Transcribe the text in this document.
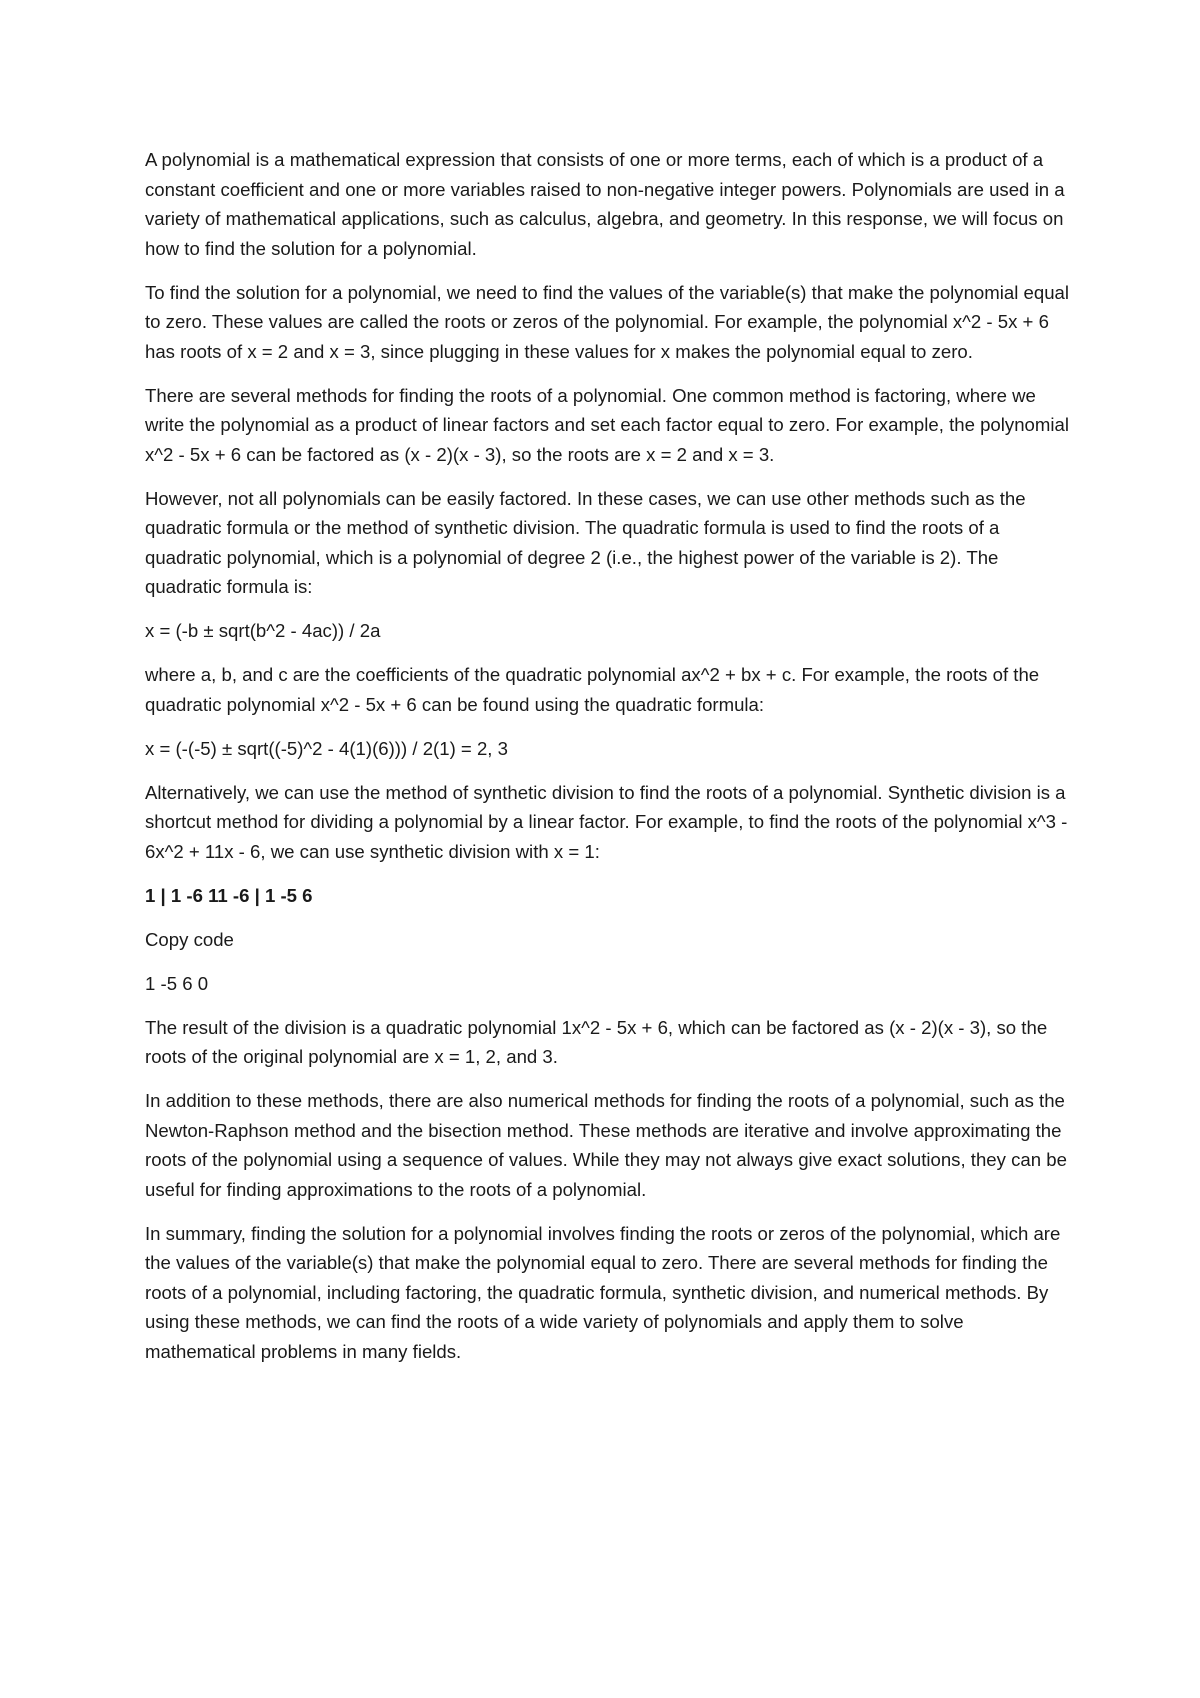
A polynomial is a mathematical expression that consists of one or more terms, each of which is a product of a constant coefficient and one or more variables raised to non-negative integer powers. Polynomials are used in a variety of mathematical applications, such as calculus, algebra, and geometry. In this response, we will focus on how to find the solution for a polynomial.

To find the solution for a polynomial, we need to find the values of the variable(s) that make the polynomial equal to zero. These values are called the roots or zeros of the polynomial. For example, the polynomial x^2 - 5x + 6 has roots of x = 2 and x = 3, since plugging in these values for x makes the polynomial equal to zero.

There are several methods for finding the roots of a polynomial. One common method is factoring, where we write the polynomial as a product of linear factors and set each factor equal to zero. For example, the polynomial x^2 - 5x + 6 can be factored as (x - 2)(x - 3), so the roots are x = 2 and x = 3.

However, not all polynomials can be easily factored. In these cases, we can use other methods such as the quadratic formula or the method of synthetic division. The quadratic formula is used to find the roots of a quadratic polynomial, which is a polynomial of degree 2 (i.e., the highest power of the variable is 2). The quadratic formula is:

x = (-b ± sqrt(b^2 - 4ac)) / 2a

where a, b, and c are the coefficients of the quadratic polynomial ax^2 + bx + c. For example, the roots of the quadratic polynomial x^2 - 5x + 6 can be found using the quadratic formula:

x = (-(-5) ± sqrt((-5)^2 - 4(1)(6))) / 2(1) = 2, 3

Alternatively, we can use the method of synthetic division to find the roots of a polynomial. Synthetic division is a shortcut method for dividing a polynomial by a linear factor. For example, to find the roots of the polynomial x^3 - 6x^2 + 11x - 6, we can use synthetic division with x = 1:

1 | 1 -6 11 -6 | 1 -5 6

Copy code

1 -5 6 0

The result of the division is a quadratic polynomial 1x^2 - 5x + 6, which can be factored as (x - 2)(x - 3), so the roots of the original polynomial are x = 1, 2, and 3.

In addition to these methods, there are also numerical methods for finding the roots of a polynomial, such as the Newton-Raphson method and the bisection method. These methods are iterative and involve approximating the roots of the polynomial using a sequence of values. While they may not always give exact solutions, they can be useful for finding approximations to the roots of a polynomial.

In summary, finding the solution for a polynomial involves finding the roots or zeros of the polynomial, which are the values of the variable(s) that make the polynomial equal to zero. There are several methods for finding the roots of a polynomial, including factoring, the quadratic formula, synthetic division, and numerical methods. By using these methods, we can find the roots of a wide variety of polynomials and apply them to solve mathematical problems in many fields.
